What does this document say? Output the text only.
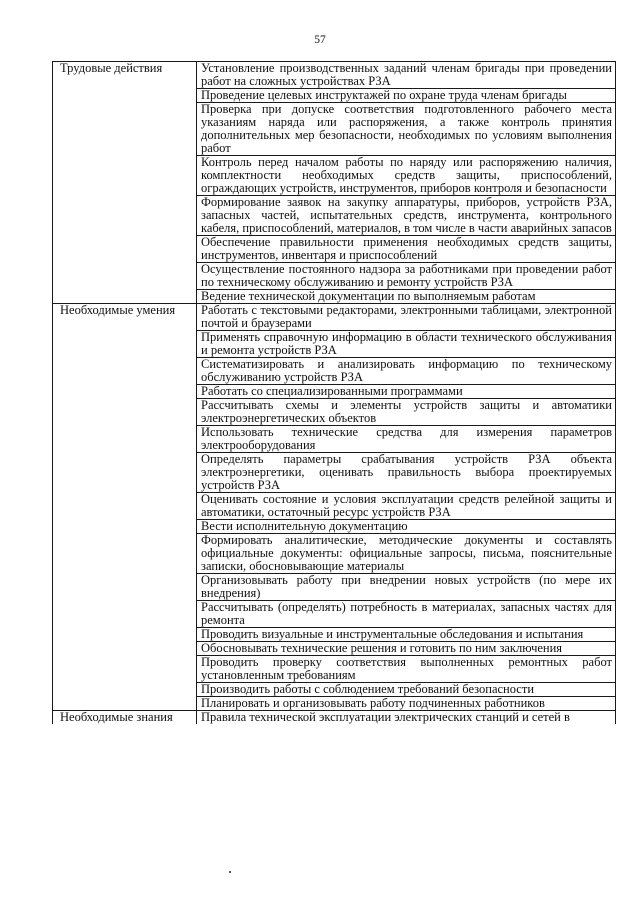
57
Трудовые действия	Установление производственных заданий членам бригады при проведении работ на сложных устройствах РЗА
Проведение целевых инструктажей по охране труда членам бригады
Проверка при допуске соответствия подготовленного рабочего места указаниям наряда или распоряжения, а также контроль принятия дополнительных мер безопасности, необходимых по условиям выполнения работ
Контроль перед началом работы по наряду или распоряжению наличия, комплектности необходимых средств защиты, приспособлений, ограждающих устройств, инструментов, приборов контроля и безопасности
Формирование заявок на закупку аппаратуры, приборов, устройств РЗА, запасных частей, испытательных средств, инструмента, контрольного кабеля, приспособлений, материалов, в том числе в части аварийных запасов
Обеспечение правильности применения необходимых средств защиты, инструментов, инвентаря и приспособлений
Осуществление постоянного надзора за работниками при проведении работ по техническому обслуживанию и ремонту устройств РЗА
Ведение технической документации по выполняемым работам
Необходимые умения	Работать с текстовыми редакторами, электронными таблицами, электронной почтой и браузерами
Применять справочную информацию в области технического обслуживания и ремонта устройств РЗА
Систематизировать и анализировать информацию по техническому обслуживанию устройств РЗА
Работать со специализированными программами
Рассчитывать схемы и элементы устройств защиты и автоматики электроэнергетических объектов
Использовать технические средства для измерения параметров электрооборудования
Определять параметры срабатывания устройств РЗА объекта электроэнергетики, оценивать правильность выбора проектируемых устройств РЗА
Оценивать состояние и условия эксплуатации средств релейной защиты и автоматики, остаточный ресурс устройств РЗА
Вести исполнительную документацию
Формировать аналитические, методические документы и составлять официальные документы: официальные запросы, письма, пояснительные записки, обосновывающие материалы
Организовывать работу при внедрении новых устройств (по мере их внедрения)
Рассчитывать (определять) потребность в материалах, запасных частях для ремонта
Проводить визуальные и инструментальные обследования и испытания
Обосновывать технические решения и готовить по ним заключения
Проводить проверку соответствия выполненных ремонтных работ установленным требованиям
Производить работы с соблюдением требований безопасности
Планировать и организовывать работу подчиненных работников
Необходимые знания	Правила технической эксплуатации электрических станций и сетей в
